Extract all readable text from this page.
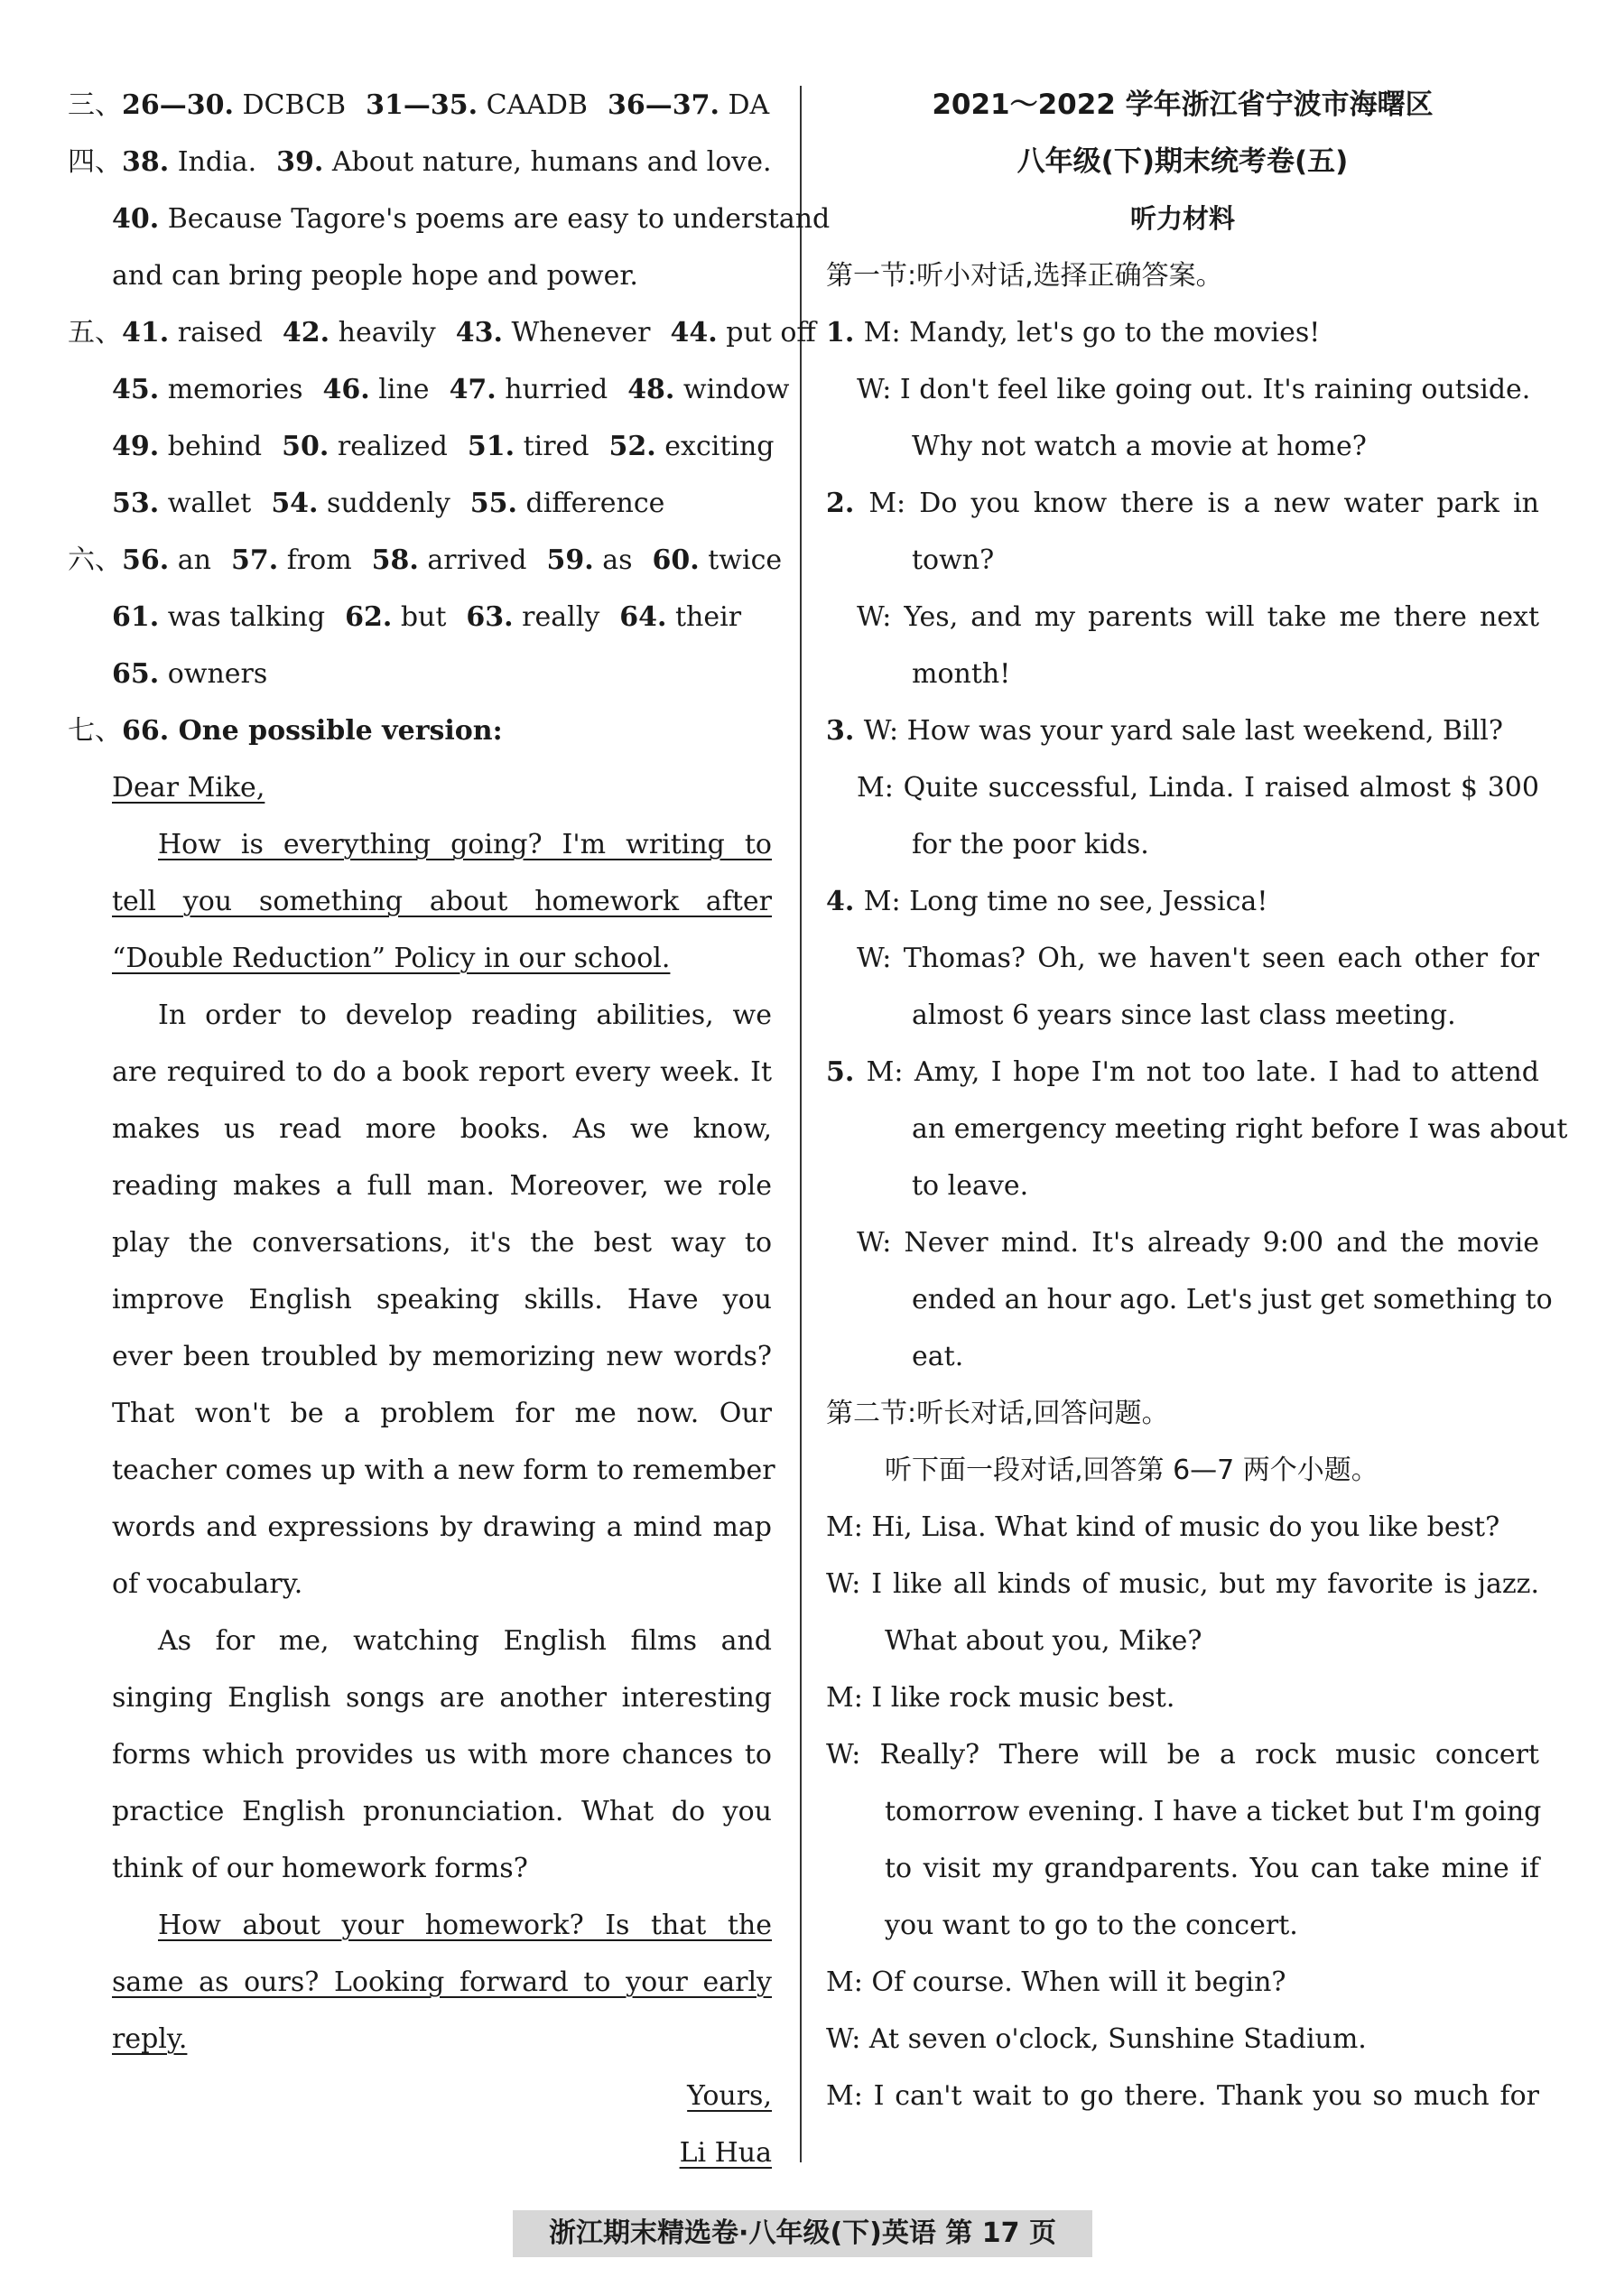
三、26—30. DCBCB 31—35. CAADB 36—37. DA
四、38. India. 39. About nature, humans and love.
40. Because Tagore's poems are easy to understand
and can bring people hope and power.
五、41. raised 42. heavily 43. Whenever 44. put off
45. memories 46. line 47. hurried 48. window
49. behind 50. realized 51. tired 52. exciting
53. wallet 54. suddenly 55. difference
六、56. an 57. from 58. arrived 59. as 60. twice
61. was talking 62. but 63. really 64. their
65. owners
七、66. One possible version:
Dear Mike,
How is everything going? I'm writing to
tell you something about homework after
“Double Reduction” Policy in our school.
In order to develop reading abilities, we
are required to do a book report every week. It
makes us read more books. As we know,
reading makes a full man. Moreover, we role
play the conversations, it's the best way to
improve English speaking skills. Have you
ever been troubled by memorizing new words?
That won't be a problem for me now. Our
teacher comes up with a new form to remember
words and expressions by drawing a mind map
of vocabulary.
As for me, watching English films and
singing English songs are another interesting
forms which provides us with more chances to
practice English pronunciation. What do you
think of our homework forms?
How about your homework? Is that the
same as ours? Looking forward to your early
reply.
Yours,
Li Hua
2021～2022 学年浙江省宁波市海曙区
八年级(下)期末统考卷(五)
听力材料
第一节:听小对话,选择正确答案。
1. M: Mandy, let's go to the movies!
W: I don't feel like going out. It's raining outside.
Why not watch a movie at home?
2. M: Do you know there is a new water park in
town?
W: Yes, and my parents will take me there next
month!
3. W: How was your yard sale last weekend, Bill?
M: Quite successful, Linda. I raised almost $ 300
for the poor kids.
4. M: Long time no see, Jessica!
W: Thomas? Oh, we haven't seen each other for
almost 6 years since last class meeting.
5. M: Amy, I hope I'm not too late. I had to attend
an emergency meeting right before I was about
to leave.
W: Never mind. It's already 9:00 and the movie
ended an hour ago. Let's just get something to
eat.
第二节:听长对话,回答问题。
听下面一段对话,回答第 6—7 两个小题。
M: Hi, Lisa. What kind of music do you like best?
W: I like all kinds of music, but my favorite is jazz.
What about you, Mike?
M: I like rock music best.
W: Really? There will be a rock music concert
tomorrow evening. I have a ticket but I'm going
to visit my grandparents. You can take mine if
you want to go to the concert.
M: Of course. When will it begin?
W: At seven o'clock, Sunshine Stadium.
M: I can't wait to go there. Thank you so much for
浙江期末精选卷·八年级(下)英语 第 17 页
